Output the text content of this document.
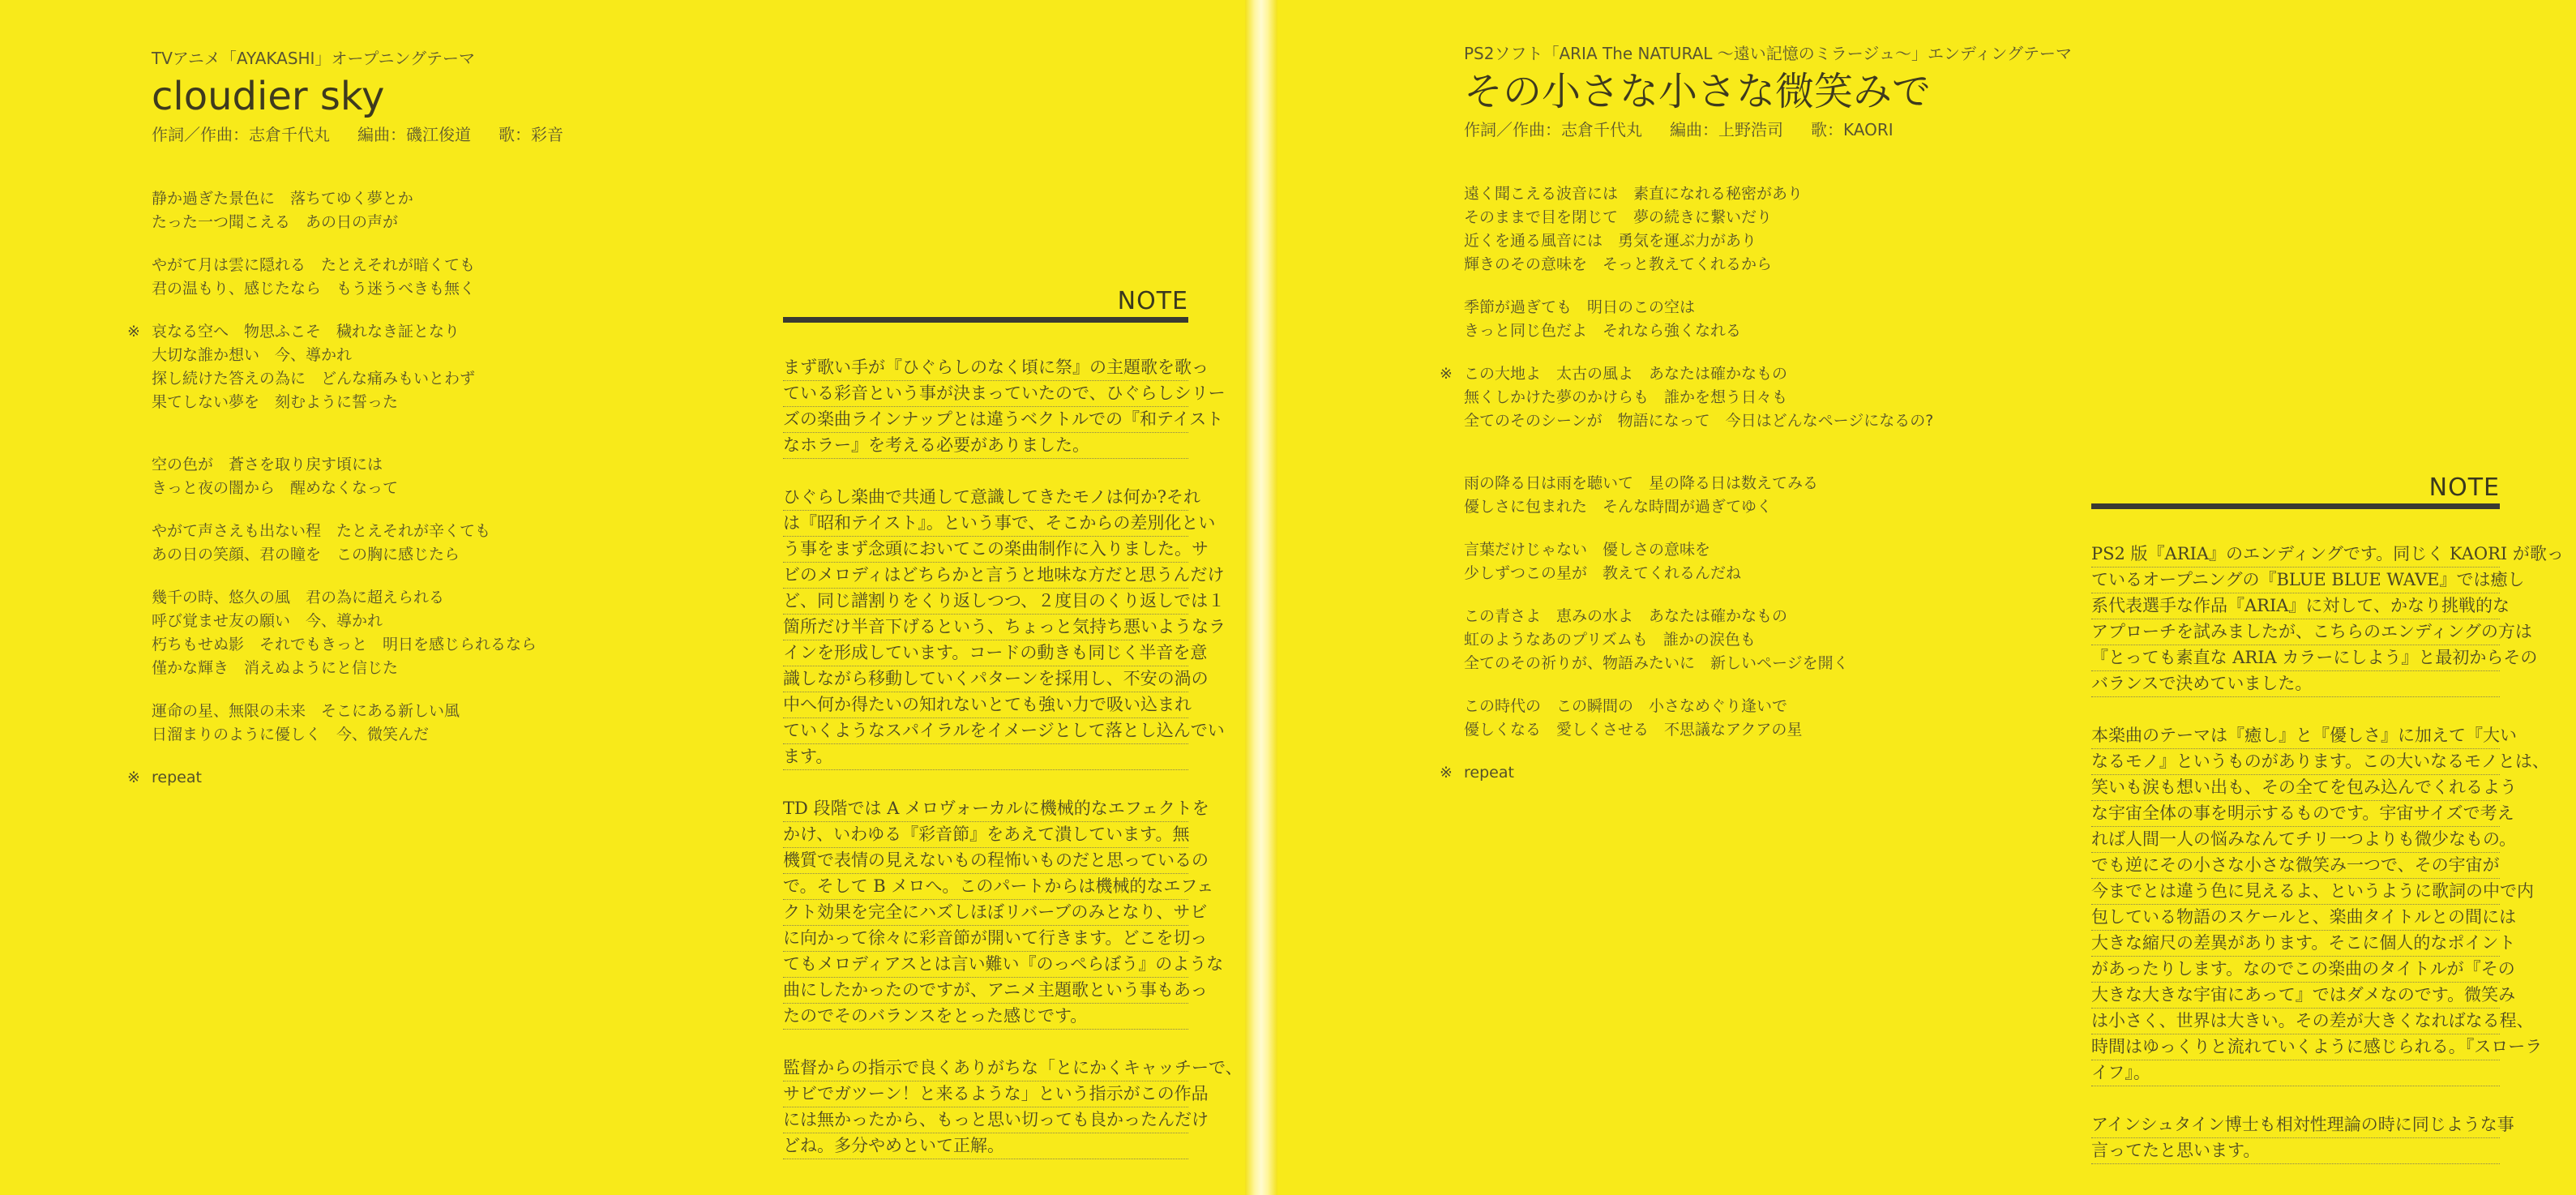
TVアニメ「AYAKASHI」オープニングテーマ
cloudier sky
作詞／作曲：志倉千代丸 編曲：磯江俊道 歌：彩音
静か過ぎた景色に　落ちてゆく夢とか
たった一つ聞こえる　あの日の声が
やがて月は雲に隠れる　たとえそれが暗くても
君の温もり、感じたなら　もう迷うべきも無く
※ 哀なる空へ　物思ふこそ　穢れなき証となり
大切な誰か想い　今、導かれ
探し続けた答えの為に　どんな痛みもいとわず
果てしない夢を　刻むように誓った
空の色が　蒼さを取り戻す頃には
きっと夜の闇から　醒めなくなって
やがて声さえも出ない程　たとえそれが辛くても
あの日の笑顔、君の瞳を　この胸に感じたら
幾千の時、悠久の風　君の為に超えられる
呼び覚ませ友の願い　今、導かれ
朽ちもせぬ影　それでもきっと　明日を感じられるなら
僅かな輝き　消えぬようにと信じた
運命の星、無限の未来　そこにある新しい風
日溜まりのように優しく　今、微笑んだ
※ repeat
NOTE
まず歌い手が『ひぐらしのなく頃に祭』の主題歌を歌っ
ている彩音という事が決まっていたので、ひぐらしシリー
ズの楽曲ラインナップとは違うベクトルでの『和テイスト
なホラー』を考える必要がありました。
ひぐらし楽曲で共通して意識してきたモノは何か?それ
は『昭和テイスト』。という事で、そこからの差別化とい
う事をまず念頭においてこの楽曲制作に入りました。サ
ビのメロディはどちらかと言うと地味な方だと思うんだけ
ど、同じ譜割りをくり返しつつ、２度目のくり返しでは１
箇所だけ半音下げるという、ちょっと気持ち悪いようなラ
インを形成しています。コードの動きも同じく半音を意
識しながら移動していくパターンを採用し、不安の渦の
中へ何か得たいの知れないとても強い力で吸い込まれ
ていくようなスパイラルをイメージとして落とし込んでい
ます。
TD 段階では A メロヴォーカルに機械的なエフェクトを
かけ、いわゆる『彩音節』をあえて潰しています。無
機質で表情の見えないもの程怖いものだと思っているの
で。そして B メロへ。このパートからは機械的なエフェ
クト効果を完全にハズしほぼリバーブのみとなり、サビ
に向かって徐々に彩音節が開いて行きます。どこを切っ
てもメロディアスとは言い難い『のっぺらぼう』のような
曲にしたかったのですが、アニメ主題歌という事もあっ
たのでそのバランスをとった感じです。
監督からの指示で良くありがちな「とにかくキャッチーで、
サビでガツーン！と来るような」という指示がこの作品
には無かったから、もっと思い切っても良かったんだけ
どね。多分やめといて正解。
PS2ソフト「ARIA The NATURAL ～遠い記憶のミラージュ～」エンディングテーマ
その小さな小さな微笑みで
作詞／作曲：志倉千代丸 編曲：上野浩司 歌：KAORI
遠く聞こえる波音には　素直になれる秘密があり
そのままで目を閉じて　夢の続きに繋いだり
近くを通る風音には　勇気を運ぶ力があり
輝きのその意味を　そっと教えてくれるから
季節が過ぎても　明日のこの空は
きっと同じ色だよ　それなら強くなれる
※ この大地よ　太古の風よ　あなたは確かなもの
無くしかけた夢のかけらも　誰かを想う日々も
全てのそのシーンが　物語になって　今日はどんなページになるの?
雨の降る日は雨を聴いて　星の降る日は数えてみる
優しさに包まれた　そんな時間が過ぎてゆく
言葉だけじゃない　優しさの意味を
少しずつこの星が　教えてくれるんだね
この青さよ　恵みの水よ　あなたは確かなもの
虹のようなあのプリズムも　誰かの涙色も
全てのその祈りが、物語みたいに　新しいページを開く
この時代の　この瞬間の　小さなめぐり逢いで
優しくなる　愛しくさせる　不思議なアクアの星
※ repeat
NOTE
PS2 版『ARIA』のエンディングです。同じく KAORI が歌っ
ているオープニングの『BLUE BLUE WAVE』では癒し
系代表選手な作品『ARIA』に対して、かなり挑戦的な
アプローチを試みましたが、こちらのエンディングの方は
『とっても素直な ARIA カラーにしよう』と最初からその
バランスで決めていました。
本楽曲のテーマは『癒し』と『優しさ』に加えて『大い
なるモノ』というものがあります。この大いなるモノとは、
笑いも涙も想い出も、その全てを包み込んでくれるよう
な宇宙全体の事を明示するものです。宇宙サイズで考え
れば人間一人の悩みなんてチリ一つよりも微少なもの。
でも逆にその小さな小さな微笑み一つで、その宇宙が
今までとは違う色に見えるよ、というように歌詞の中で内
包している物語のスケールと、楽曲タイトルとの間には
大きな縮尺の差異があります。そこに個人的なポイント
があったりします。なのでこの楽曲のタイトルが『その
大きな大きな宇宙にあって』ではダメなのです。微笑み
は小さく、世界は大きい。その差が大きくなればなる程、
時間はゆっくりと流れていくように感じられる。『スローラ
イフ』。
アインシュタイン博士も相対性理論の時に同じような事
言ってたと思います。
